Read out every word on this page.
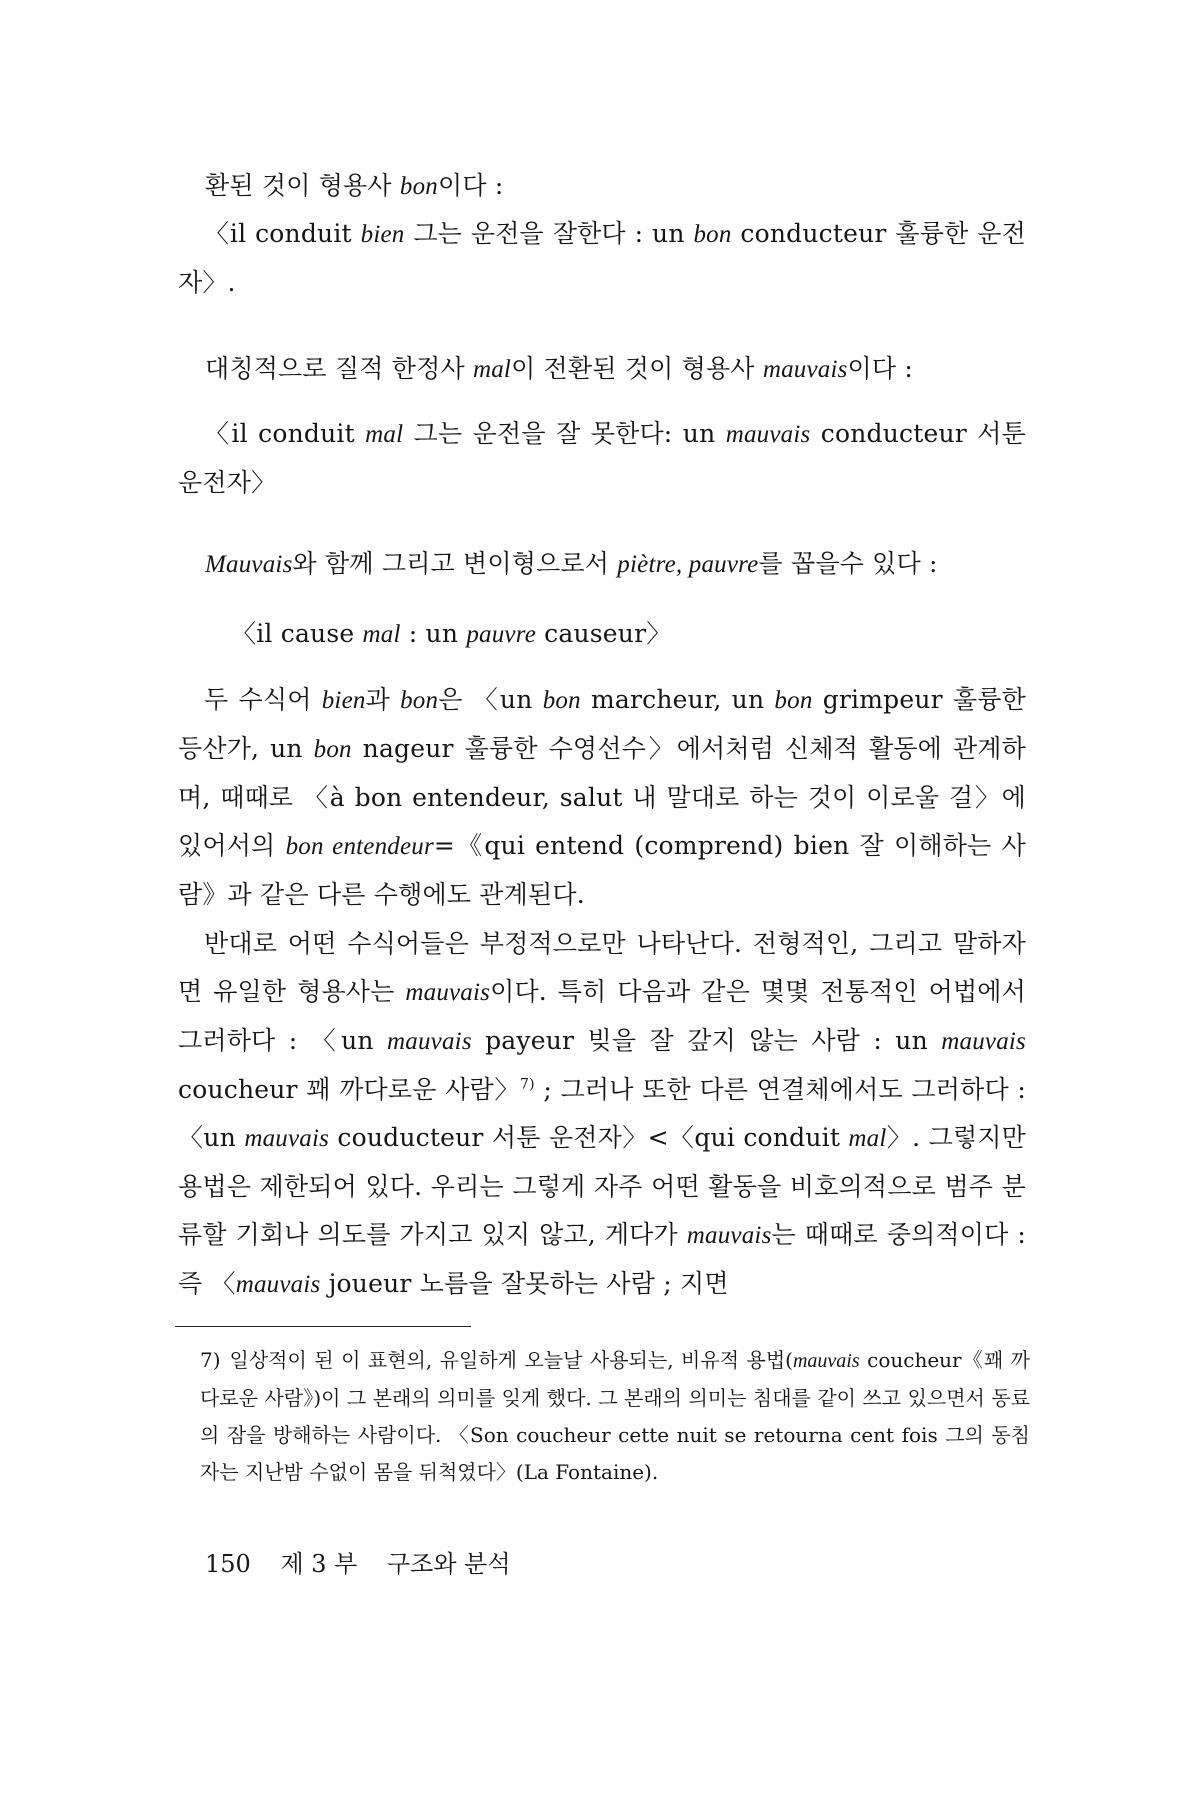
환된 것이 형용사 bon이다 :

〈il conduit bien 그는 운전을 잘한다 : un bon conducteur 훌륭한 운전자〉.

대칭적으로 질적 한정사 mal이 전환된 것이 형용사 mauvais이다 :

〈il conduit mal 그는 운전을 잘 못한다: un mauvais conducteur 서툰 운전자〉

Mauvais와 함께 그리고 변이형으로서 piètre, pauvre를 꼽을수 있다 :

〈il cause mal : un pauvre causeur〉

두 수식어 bien과 bon은 〈un bon marcheur, un bon grimpeur 훌륭한 등산가, un bon nageur 훌륭한 수영선수〉에서처럼 신체적 활동에 관계하며, 때때로 〈à bon entendeur, salut 내 말대로 하는 것이 이로울 걸〉에 있어서의 bon entendeur=《qui entend (comprend) bien 잘 이해하는 사람》과 같은 다른 수행에도 관계된다.

반대로 어떤 수식어들은 부정적으로만 나타난다. 전형적인, 그리고 말하자면 유일한 형용사는 mauvais이다. 특히 다음과 같은 몇몇 전통적인 어법에서 그러하다 : 〈un mauvais payeur 빚을 잘 갚지 않는 사람 : un mauvais coucheur 꽤 까다로운 사람〉$^{7)}$ ; 그러나 또한 다른 연결체에서도 그러하다 : 〈un mauvais couducteur 서툰 운전자〉<〈qui conduit mal〉. 그렇지만 용법은 제한되어 있다. 우리는 그렇게 자주 어떤 활동을 비호의적으로 범주 분류할 기회나 의도를 가지고 있지 않고, 게다가 mauvais는 때때로 중의적이다 : 즉 〈mauvais joueur 노름을 잘못하는 사람 ; 지면

7) 일상적이 된 이 표현의, 유일하게 오늘날 사용되는, 비유적 용법(mauvais coucheur《꽤 까다로운 사람》)이 그 본래의 의미를 잊게 했다. 그 본래의 의미는 침대를 같이 쓰고 있으면서 동료의 잠을 방해하는 사람이다. 〈Son coucheur cette nuit se retourna cent fois 그의 동침자는 지난밤 수없이 몸을 뒤척였다〉(La Fontaine).
150 제 3 부 구조와 분석
